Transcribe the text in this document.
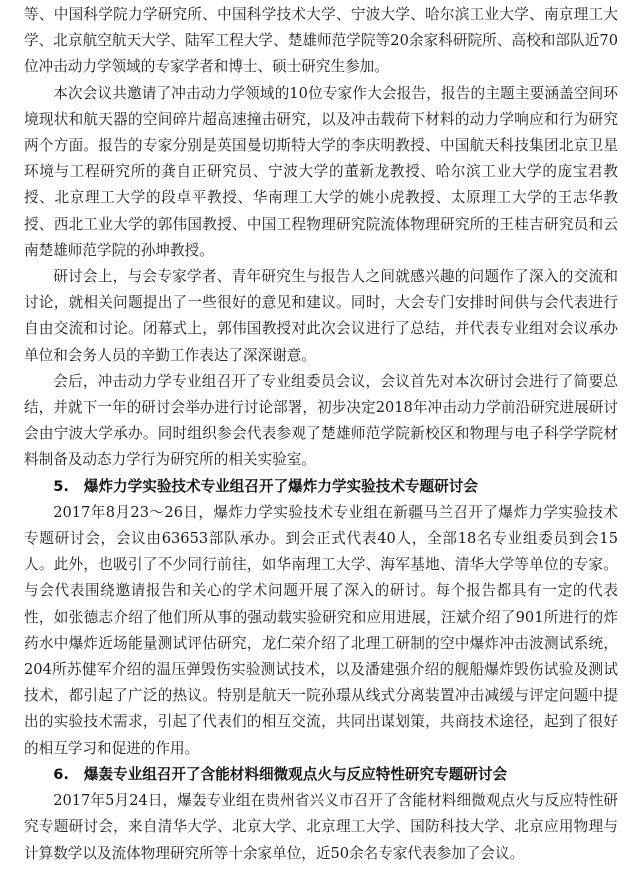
等、中国科学院力学研究所、中国科学技术大学、宁波大学、哈尔滨工业大学、南京理工大学、北京航空航天大学、陆军工程大学、楚雄师范学院等20余家科研院所、高校和部队近70位冲击动力学领域的专家学者和博士、硕士研究生参加。

本次会议共邀请了冲击动力学领域的10位专家作大会报告，报告的主题主要涵盖空间环境现状和航天器的空间碎片超高速撞击研究，以及冲击载荷下材料的动力学响应和行为研究两个方面。报告的专家分别是英国曼切斯特大学的李庆明教授、中国航天科技集团北京卫星环境与工程研究所的龚自正研究员、宁波大学的董新龙教授、哈尔滨工业大学的庞宝君教授、北京理工大学的段卓平教授、华南理工大学的姚小虎教授、太原理工大学的王志华教授、西北工业大学的郭伟国教授、中国工程物理研究院流体物理研究所的王桂吉研究员和云南楚雄师范学院的孙坤教授。

研讨会上，与会专家学者、青年研究生与报告人之间就感兴趣的问题作了深入的交流和讨论，就相关问题提出了一些很好的意见和建议。同时，大会专门安排时间供与会代表进行自由交流和讨论。闭幕式上，郭伟国教授对此次会议进行了总结，并代表专业组对会议承办单位和会务人员的辛勤工作表达了深深谢意。

会后，冲击动力学专业组召开了专业组委员会议，会议首先对本次研讨会进行了简要总结，并就下一年的研讨会举办进行讨论部署，初步决定2018年冲击动力学前沿研究进展研讨会由宁波大学承办。同时组织参会代表参观了楚雄师范学院新校区和物理与电子科学学院材料制备及动态力学行为研究所的相关实验室。

5. 爆炸力学实验技术专业组召开了爆炸力学实验技术专题研讨会

2017年8月23～26日，爆炸力学实验技术专业组在新疆马兰召开了爆炸力学实验技术专题研讨会，会议由63653部队承办。到会正式代表40人，全部18名专业组委员到会15人。此外，也吸引了不少同行前往，如华南理工大学、海军基地、清华大学等单位的专家。与会代表围绕邀请报告和关心的学术问题开展了深入的研讨。每个报告都具有一定的代表性，如张德志介绍了他们所从事的强动载实验研究和应用进展，汪斌介绍了901所进行的炸药水中爆炸近场能量测试评估研究，龙仁荣介绍了北理工研制的空中爆炸冲击波测试系统，204所苏健军介绍的温压弹毁伤实验测试技术，以及潘建强介绍的舰船爆炸毁伤试验及测试技术，都引起了广泛的热议。特别是航天一院孙璟从线式分离装置冲击减缓与评定问题中提出的实验技术需求，引起了代表们的相互交流，共同出谋划策，共商技术途径，起到了很好的相互学习和促进的作用。

6. 爆轰专业组召开了含能材料细微观点火与反应特性研究专题研讨会

2017年5月24日，爆轰专业组在贵州省兴义市召开了含能材料细微观点火与反应特性研究专题研讨会，来自清华大学、北京大学、北京理工大学、国防科技大学、北京应用物理与计算数学以及流体物理研究所等十余家单位，近50余名专家代表参加了会议。
